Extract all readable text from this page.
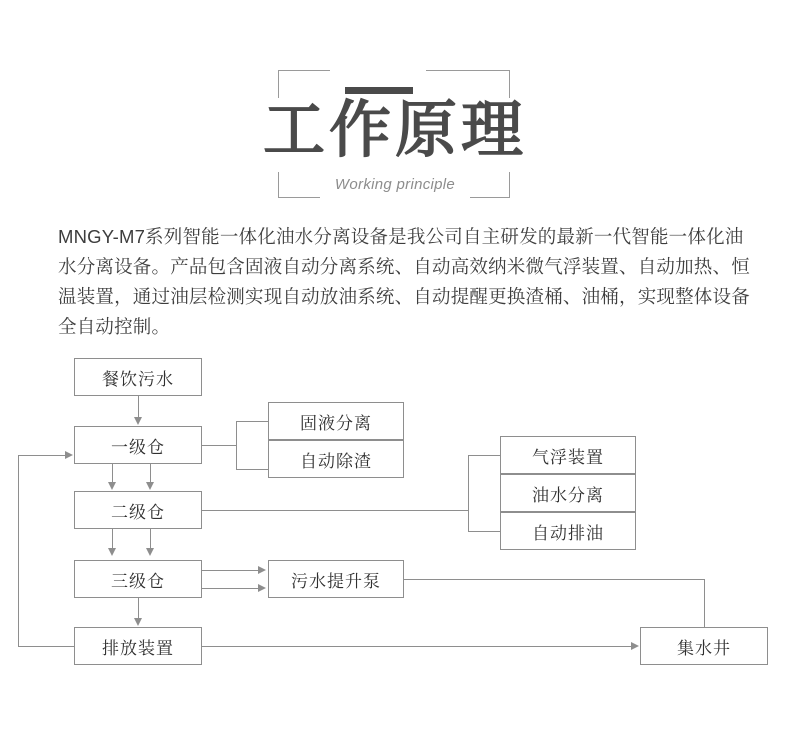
工作原理
Working principle
MNGY-M7系列智能一体化油水分离设备是我公司自主研发的最新一代智能一体化油水分离设备。产品包含固液自动分离系统、自动高效纳米微气浮装置、自动加热、恒温装置，通过油层检测实现自动放油系统、自动提醒更换渣桶、油桶，实现整体设备全自动控制。
餐饮污水
一级仓
固液分离
自动除渣
二级仓
气浮装置
油水分离
自动排油
三级仓	污水提升泵
排放装置	集水井
